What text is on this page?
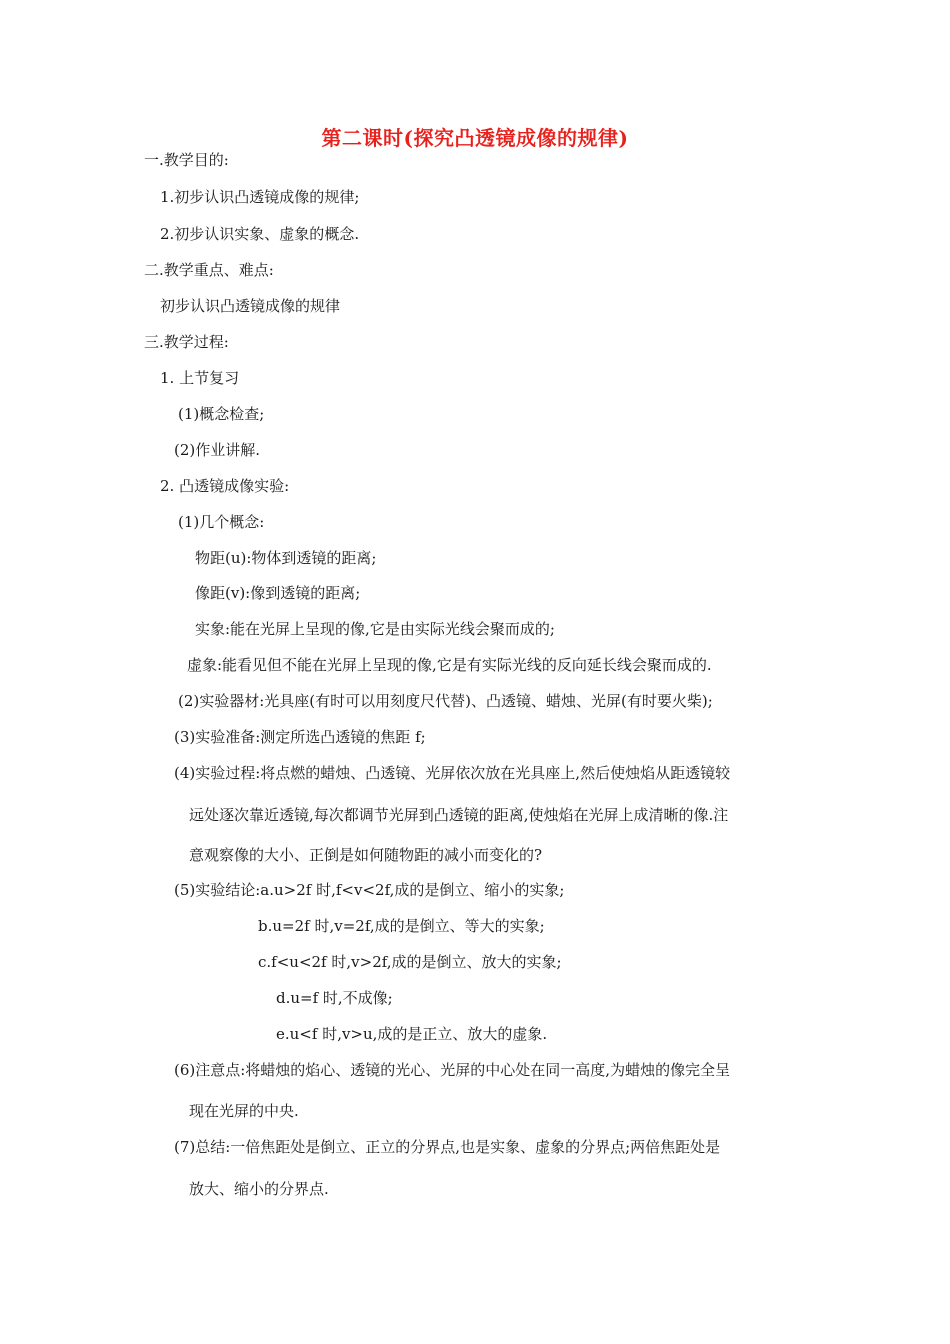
第二课时(探究凸透镜成像的规律)
一.教学目的:
1.初步认识凸透镜成像的规律;
2.初步认识实象、虚象的概念.
二.教学重点、难点:
初步认识凸透镜成像的规律
三.教学过程:
1. 上节复习
(1)概念检查;
(2)作业讲解.
2. 凸透镜成像实验:
(1)几个概念:
物距(u):物体到透镜的距离;
像距(v):像到透镜的距离;
实象:能在光屏上呈现的像,它是由实际光线会聚而成的;
虚象:能看见但不能在光屏上呈现的像,它是有实际光线的反向延长线会聚而成的.
(2)实验器材:光具座(有时可以用刻度尺代替)、凸透镜、蜡烛、光屏(有时要火柴);
(3)实验准备:测定所选凸透镜的焦距 f;
(4)实验过程:将点燃的蜡烛、凸透镜、光屏依次放在光具座上,然后使烛焰从距透镜较
远处逐次靠近透镜,每次都调节光屏到凸透镜的距离,使烛焰在光屏上成清晰的像.注
意观察像的大小、正倒是如何随物距的减小而变化的?
(5)实验结论:a.u>2f 时,f<v<2f,成的是倒立、缩小的实象;
b.u=2f 时,v=2f,成的是倒立、等大的实象;
c.f<u<2f 时,v>2f,成的是倒立、放大的实象;
d.u=f 时,不成像;
e.u<f 时,v>u,成的是正立、放大的虚象.
(6)注意点:将蜡烛的焰心、透镜的光心、光屏的中心处在同一高度,为蜡烛的像完全呈
现在光屏的中央.
(7)总结:一倍焦距处是倒立、正立的分界点,也是实象、虚象的分界点;两倍焦距处是
放大、缩小的分界点.
